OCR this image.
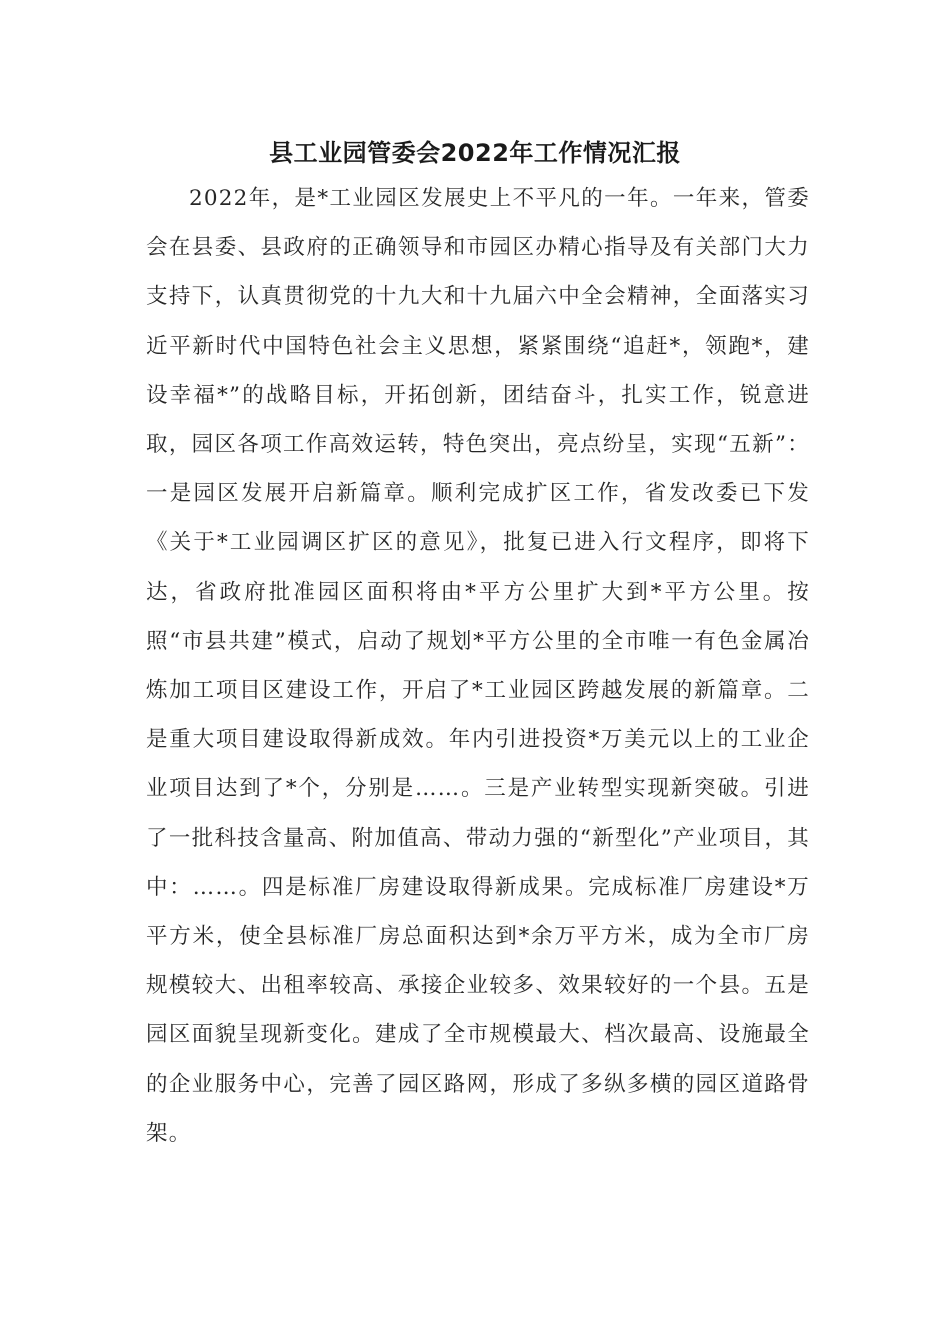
县工业园管委会2022年工作情况汇报

2022年，是*工业园区发展史上不平凡的一年。一年来，管委会在县委、县政府的正确领导和市园区办精心指导及有关部门大力支持下，认真贯彻党的十九大和十九届六中全会精神，全面落实习近平新时代中国特色社会主义思想，紧紧围绕“追赶*，领跑*，建设幸福*”的战略目标，开拓创新，团结奋斗，扎实工作，锐意进取，园区各项工作高效运转，特色突出，亮点纷呈，实现“五新”：一是园区发展开启新篇章。顺利完成扩区工作，省发改委已下发《关于*工业园调区扩区的意见》，批复已进入行文程序，即将下达，省政府批准园区面积将由*平方公里扩大到*平方公里。按照“市县共建”模式，启动了规划*平方公里的全市唯一有色金属冶炼加工项目区建设工作，开启了*工业园区跨越发展的新篇章。二是重大项目建设取得新成效。年内引进投资*万美元以上的工业企业项目达到了*个，分别是……。三是产业转型实现新突破。引进了一批科技含量高、附加值高、带动力强的“新型化”产业项目，其中：……。四是标准厂房建设取得新成果。完成标准厂房建设*万平方米，使全县标准厂房总面积达到*余万平方米，成为全市厂房规模较大、出租率较高、承接企业较多、效果较好的一个县。五是园区面貌呈现新变化。建成了全市规模最大、档次最高、设施最全的企业服务中心，完善了园区路网，形成了多纵多横的园区道路骨架。
